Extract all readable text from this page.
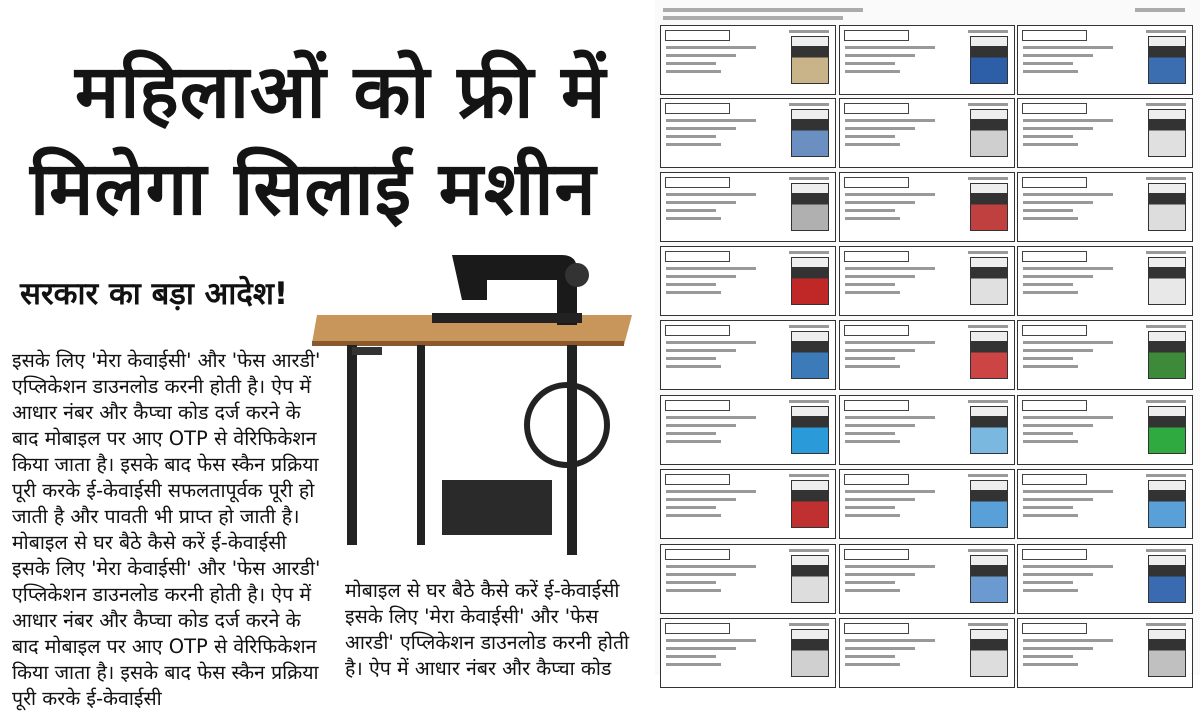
महिलाओं को फ्री में
मिलेगा सिलाई मशीन
सरकार का बड़ा आदेश!
इसके लिए 'मेरा केवाईसी' और 'फेस आरडी' एप्लिकेशन डाउनलोड करनी होती है। ऐप में आधार नंबर और कैप्चा कोड दर्ज करने के बाद मोबाइल पर आए OTP से वेरिफिकेशन किया जाता है। इसके बाद फेस स्कैन प्रक्रिया पूरी करके ई-केवाईसी सफलतापूर्वक पूरी हो जाती है और पावती भी प्राप्त हो जाती है।मोबाइल से घर बैठे कैसे करें ई-केवाईसी इसके लिए 'मेरा केवाईसी' और 'फेस आरडी' एप्लिकेशन डाउनलोड करनी होती है। ऐप में आधार नंबर और कैप्चा कोड दर्ज करने के बाद मोबाइल पर आए OTP से वेरिफिकेशन किया जाता है। इसके बाद फेस स्कैन प्रक्रिया पूरी करके ई-केवाईसी
मोबाइल से घर बैठे कैसे करें ई-केवाईसी इसके लिए 'मेरा केवाईसी' और 'फेस आरडी' एप्लिकेशन डाउनलोड करनी होती है। ऐप में आधार नंबर और कैप्चा कोड
